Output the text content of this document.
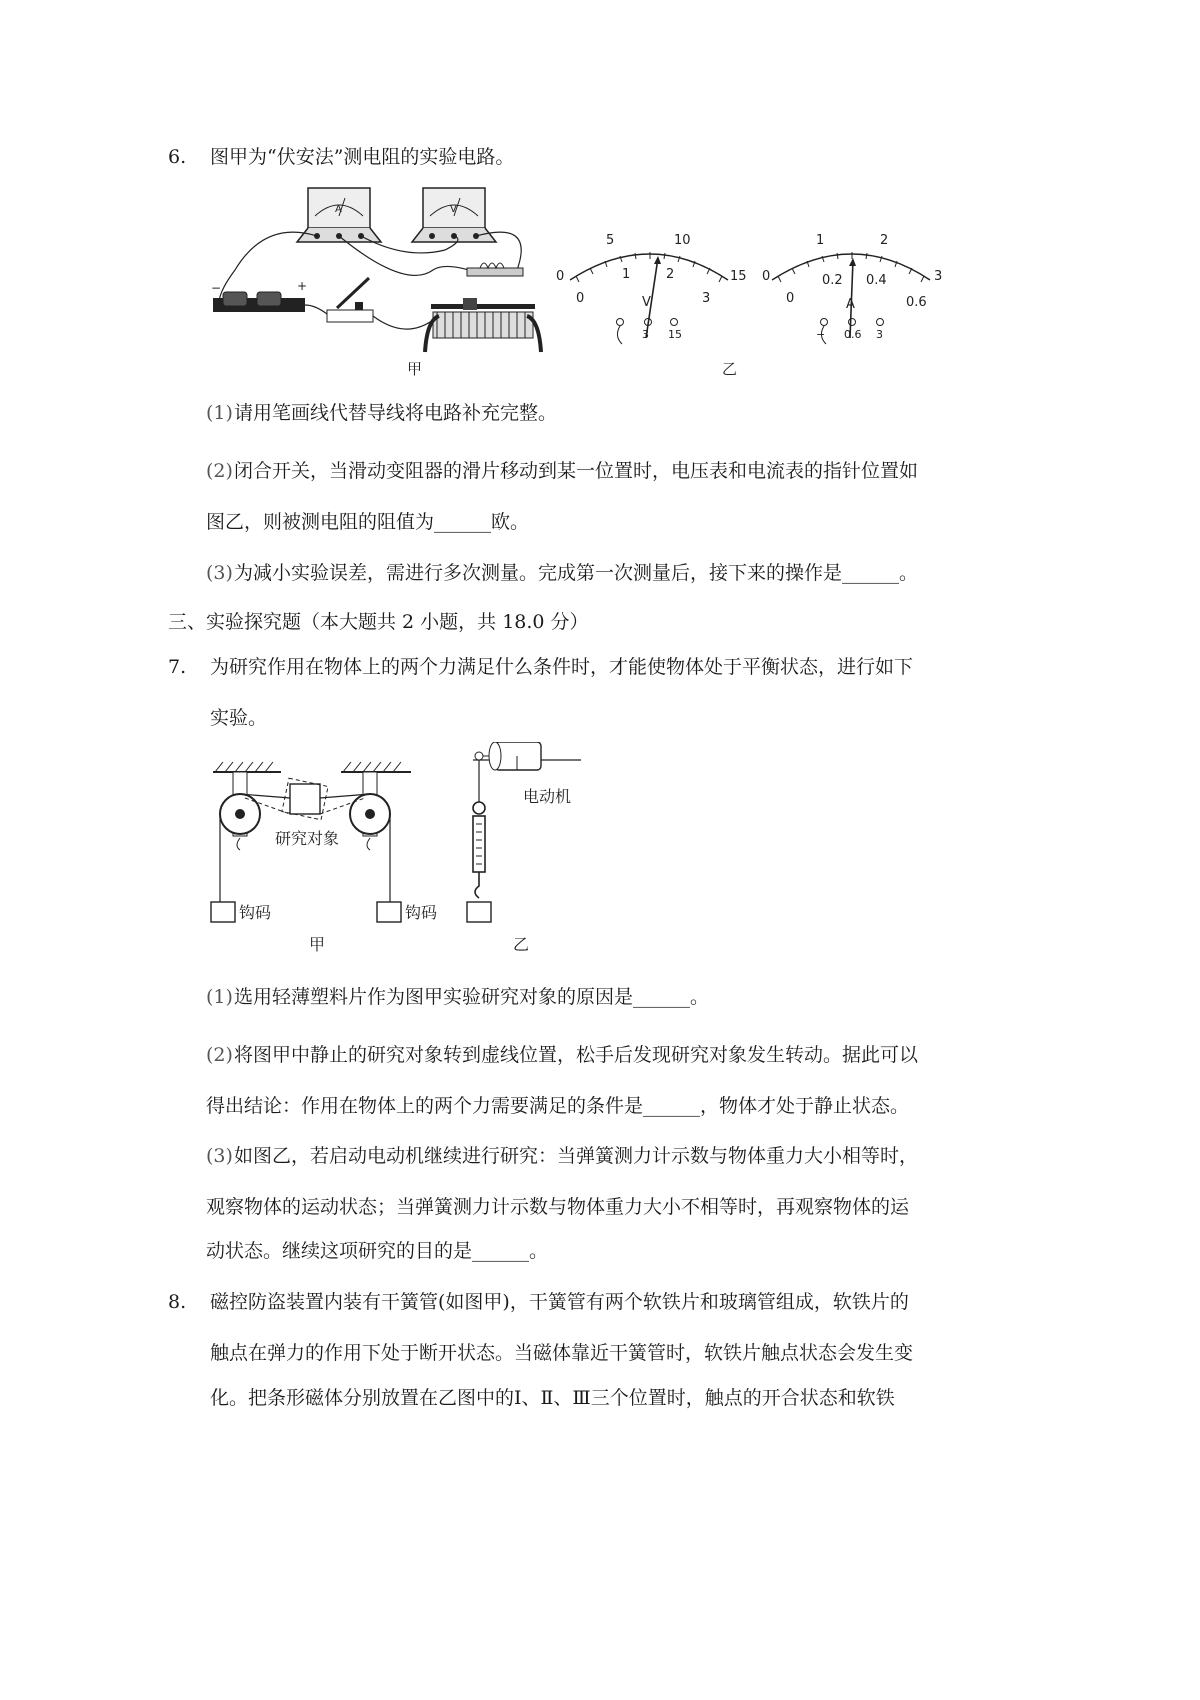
6. 图甲为“伏安法”测电阻的实验电路。
A	V
−	+
甲
0
5	10
15
0
1	2
3
V
3 15
0
1	2
3
0
0.2 0.4
0.6
A
− 0.6 3
乙
(1) 请用笔画线代替导线将电路补充完整。
(2) 闭合开关，当滑动变阻器的滑片移动到某一位置时，电压表和电流表的指针位置如
图乙，则被测电阻的阻值为______欧。
(3) 为减小实验误差，需进行多次测量。完成第一次测量后，接下来的操作是______。
三、实验探究题（本大题共 2 小题，共 18.0 分）
7. 为研究作用在物体上的两个力满足什么条件时，才能使物体处于平衡状态，进行如下
实验。
研究对象
钩码	钩码
甲
电动机
乙
(1) 选用轻薄塑料片作为图甲实验研究对象的原因是______。
(2) 将图甲中静止的研究对象转到虚线位置，松手后发现研究对象发生转动。据此可以
得出结论：作用在物体上的两个力需要满足的条件是______，物体才处于静止状态。
(3) 如图乙，若启动电动机继续进行研究：当弹簧测力计示数与物体重力大小相等时，
观察物体的运动状态；当弹簧测力计示数与物体重力大小不相等时，再观察物体的运
动状态。继续这项研究的目的是______。
8. 磁控防盗装置内装有干簧管(如图甲)，干簧管有两个软铁片和玻璃管组成，软铁片的
触点在弹力的作用下处于断开状态。当磁体靠近干簧管时，软铁片触点状态会发生变
化。把条形磁体分别放置在乙图中的Ⅰ、Ⅱ、Ⅲ三个位置时，触点的开合状态和软铁
